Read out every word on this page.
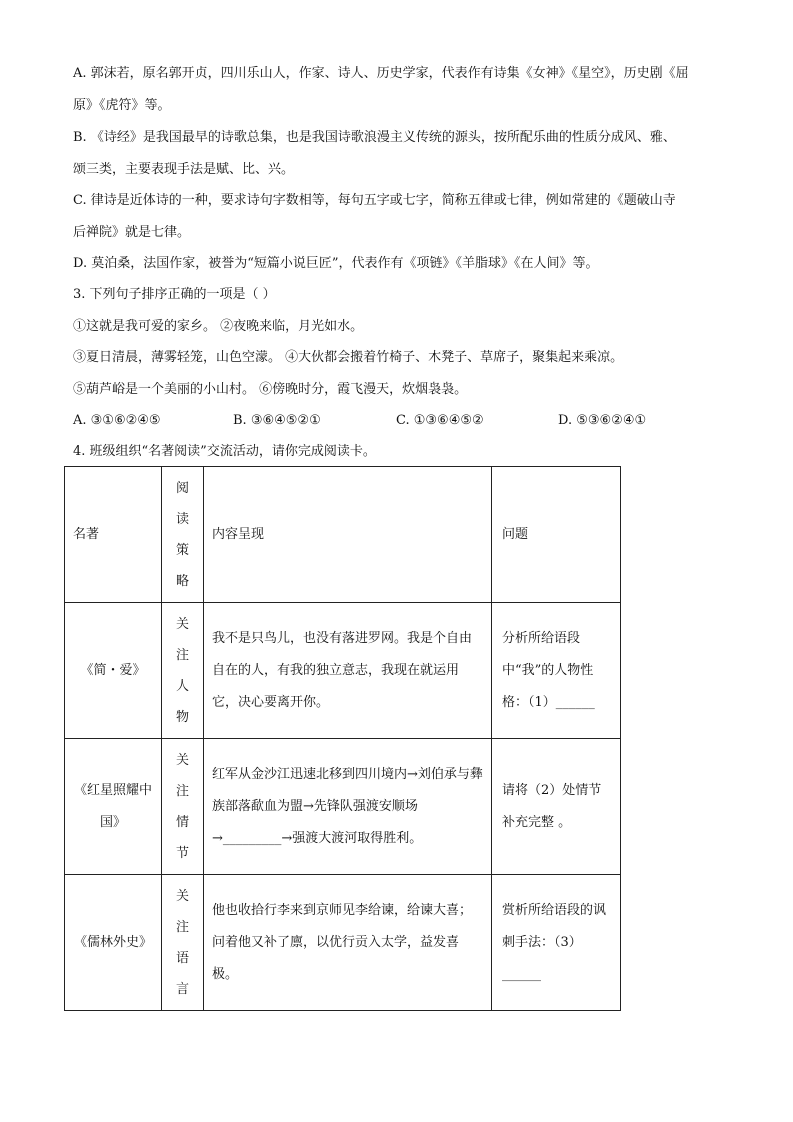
A. 郭沫若，原名郭开贞，四川乐山人，作家、诗人、历史学家，代表作有诗集《女神》《星空》，历史剧《屈
原》《虎符》等。
B. 《诗经》是我国最早的诗歌总集，也是我国诗歌浪漫主义传统的源头，按所配乐曲的性质分成风、雅、
颂三类，主要表现手法是赋、比、兴。
C. 律诗是近体诗的一种，要求诗句字数相等，每句五字或七字，简称五律或七律，例如常建的《题破山寺
后禅院》就是七律。
D. 莫泊桑，法国作家，被誉为“短篇小说巨匠”，代表作有《项链》《羊脂球》《在人间》等。
3. 下列句子排序正确的一项是（ ）
①这就是我可爱的家乡。 ②夜晚来临，月光如水。
③夏日清晨，薄雾轻笼，山色空濛。 ④大伙都会搬着竹椅子、木凳子、草席子，聚集起来乘凉。
⑤葫芦峪是一个美丽的小山村。 ⑥傍晚时分，霞飞漫天，炊烟袅袅。
A. ③①⑥②④⑤	B. ③⑥④⑤②①	C. ①③⑥④⑤②	D. ⑤③⑥②④①
4. 班级组织“名著阅读”交流活动，请你完成阅读卡。
名著	阅读策略	内容呈现	问题
《简・爱》	关注人物	我不是只鸟儿，也没有落进罗网。我是个自由自在的人，有我的独立意志，我现在就运用它，决心要离开你。	分析所给语段中“我”的人物性格：（1）______
《红星照耀中国》	关注情节	红军从金沙江迅速北移到四川境内→刘伯承与彝族部落歃血为盟→先锋队强渡安顺场→_________→强渡大渡河取得胜利。	请将（2）处情节补充完整 。
《儒林外史》	关注语言	他也收拾行李来到京师见李给谏，给谏大喜；问着他又补了廪，以优行贡入太学，益发喜极。	赏析所给语段的讽刺手法：（3）______
